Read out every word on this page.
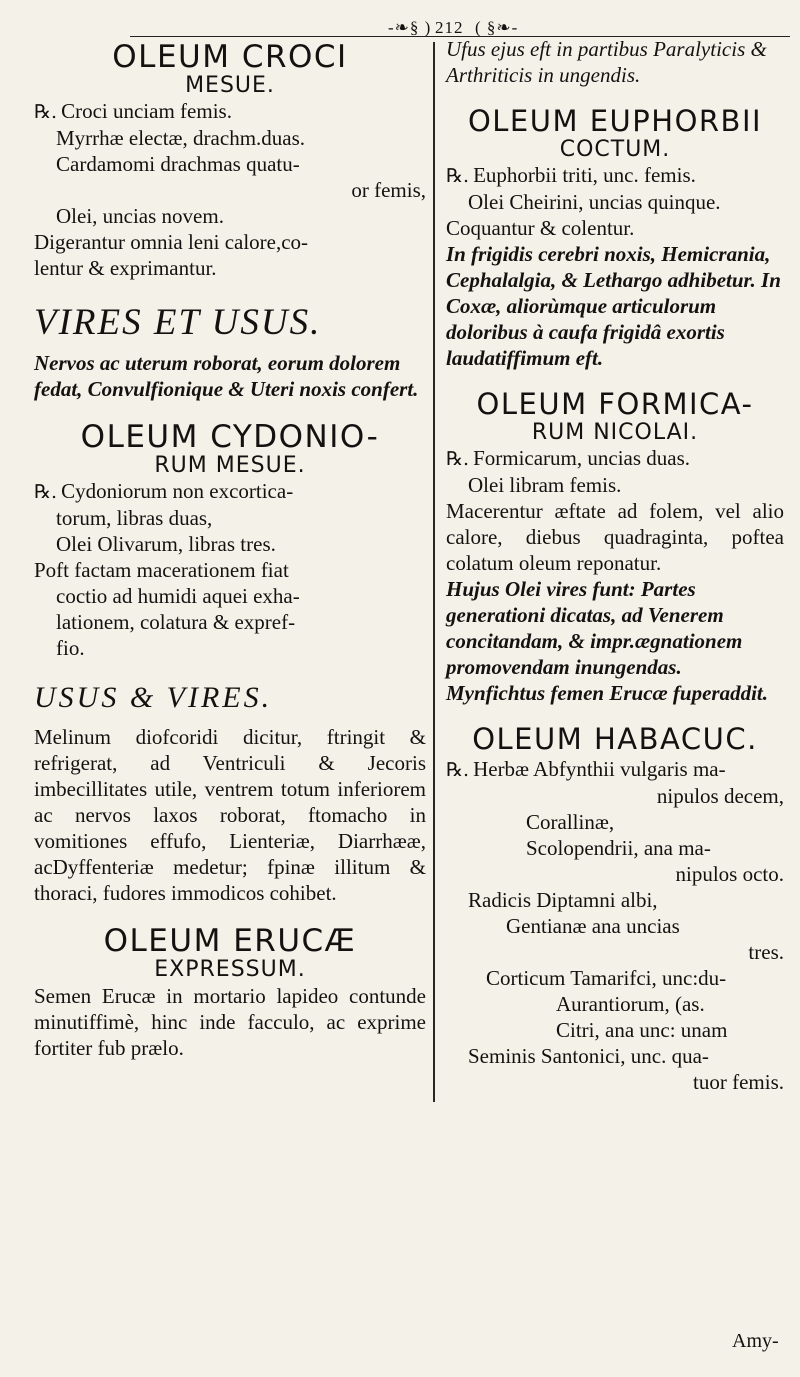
-❧§ ) 212 ( §❧-

OLEUM CROCI

MESUE.

℞. Croci unciam femis.
Myrrhæ electæ, drachm.duas.
Cardamomi drachmas quatu-
or femis,
Olei, uncias novem.
Digerantur omnia leni calore,co-
lentur & exprimantur.

VIRES ET USUS.

Nervos ac uterum roborat, eorum dolorem fedat, Convulfionique & Uteri noxis confert.

OLEUM CYDONIO-

RUM MESUE.

℞. Cydoniorum non excortica-
torum, libras duas,
Olei Olivarum, libras tres.
Poft factam macerationem fiat
coctio ad humidi aquei exha-
lationem, colatura & expref-
fio.

USUS & VIRES.

Melinum diofcoridi dicitur, ftringit & refrigerat, ad Ventriculi & Jecoris imbecillitates utile, ventrem totum inferiorem ac nervos laxos roborat, ftomacho in vomitiones effufo, Lienteriæ, Diarrhææ, acDyffenteriæ medetur; fpinæ illitum & thoraci, fudores immodicos cohibet.

OLEUM ERUCÆ

EXPRESSUM.

Semen Erucæ in mortario lapideo contunde minutiffimè, hinc inde facculo, ac exprime fortiter fub prælo.

Ufus ejus eft in partibus Paralyticis & Arthriticis in ungendis.

OLEUM EUPHORBII

COCTUM.

℞. Euphorbii triti, unc. femis.
Olei Cheirini, uncias quinque.
Coquantur & colentur.

In frigidis cerebri noxis, Hemicrania, Cephalalgia, & Lethargo adhibetur. In Coxæ, aliorùmque articulorum doloribus à caufa frigidâ exortis laudatiffimum eft.

OLEUM FORMICA-

RUM NICOLAI.

℞. Formicarum, uncias duas.
Olei libram femis.

Macerentur æftate ad folem, vel alio calore, diebus quadraginta, poftea colatum oleum reponatur.

Hujus Olei vires funt: Partes generationi dicatas, ad Venerem concitandam, & impr.ægnationem promovendam inungendas. Mynfichtus femen Erucæ fuperaddit.

OLEUM HABACUC.

℞. Herbæ Abfynthii vulgaris ma-
nipulos decem,
Corallinæ,
Scolopendrii, ana ma-
nipulos octo.
Radicis Diptamni albi,
Gentianæ ana uncias
tres.
Corticum Tamarifci, unc:du-
Aurantiorum, (as.
Citri, ana unc: unam
Seminis Santonici, unc. qua-
tuor femis.
Amy-
